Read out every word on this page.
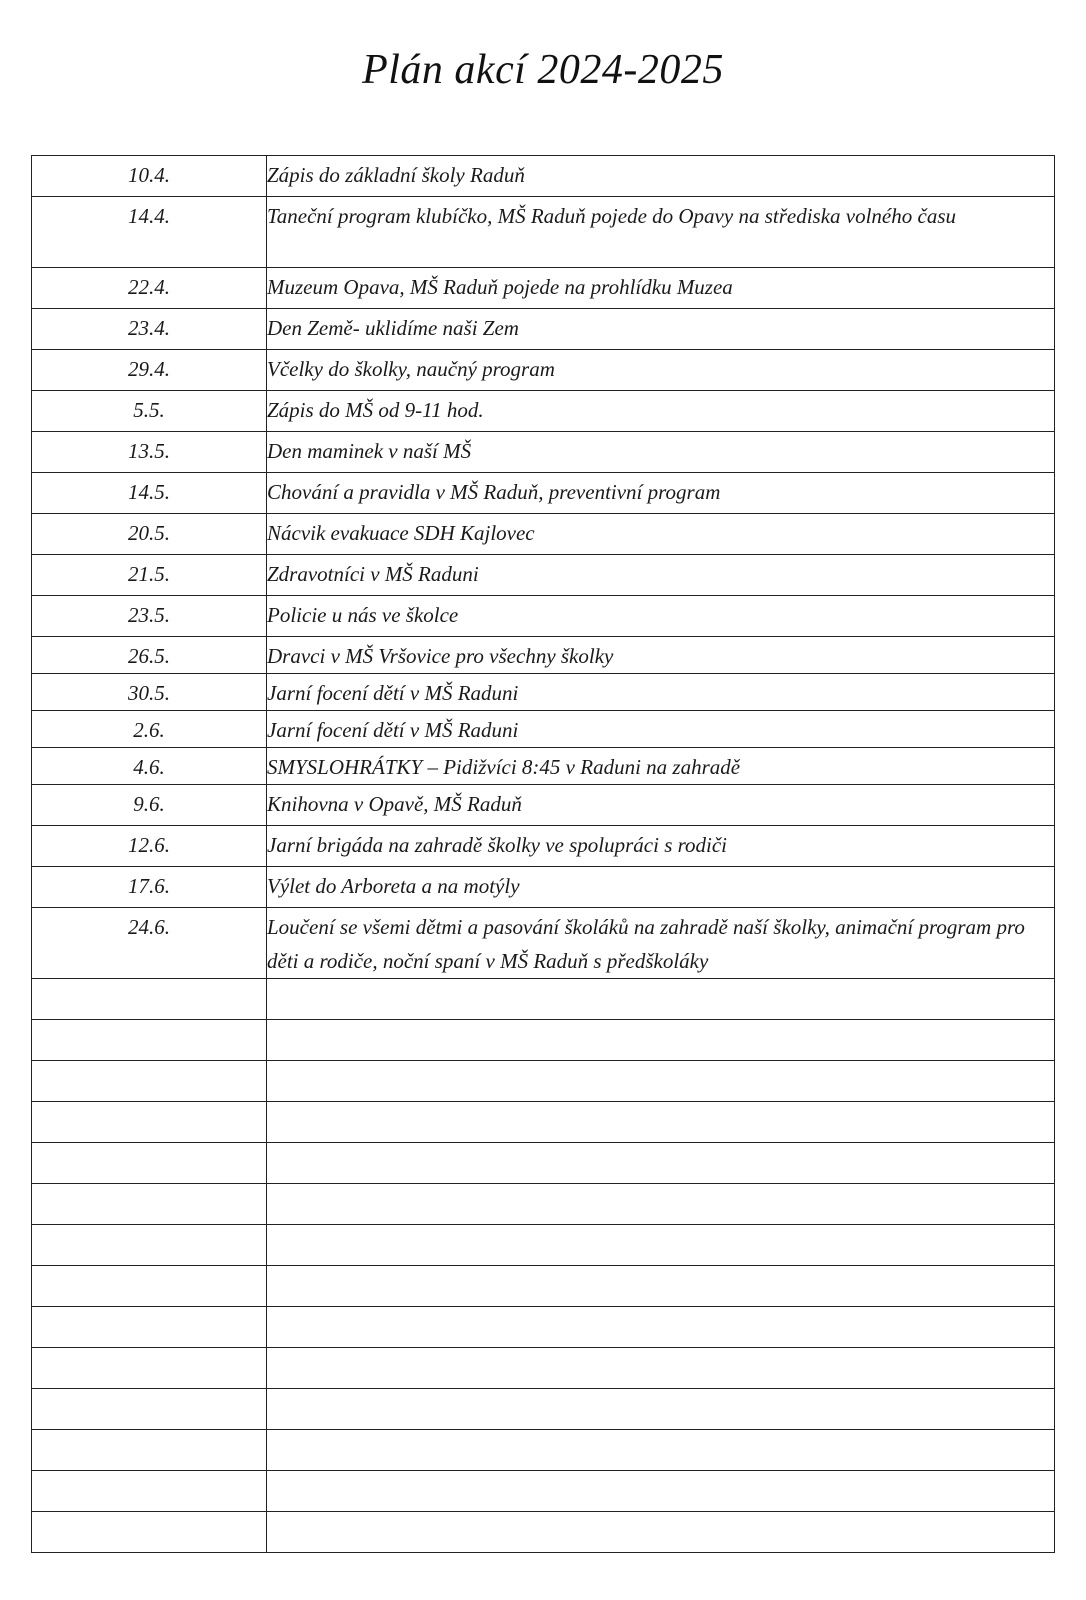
Plán akcí 2024-2025
10.4.	Zápis do základní školy Raduň

14.4.	Taneční program klubíčko, MŠ Raduň pojede do Opavy na střediska volného času

22.4.	Muzeum Opava, MŠ Raduň pojede na prohlídku Muzea

23.4.	Den Země- uklidíme naši Zem

29.4.	Včelky do školky, naučný program

5.5.	Zápis do MŠ od 9-11 hod.

13.5.	Den maminek v naší MŠ

14.5.	Chování a pravidla v MŠ Raduň, preventivní program

20.5.	Nácvik evakuace SDH Kajlovec

21.5.	Zdravotníci v MŠ Raduni

23.5.	Policie u nás ve školce

26.5.	Dravci v MŠ Vršovice pro všechny školky

30.5.	Jarní focení dětí v MŠ Raduni

2.6.	Jarní focení dětí v MŠ Raduni

4.6.	SMYSLOHRÁTKY – Pidižvíci 8:45 v Raduni na zahradě

9.6.	Knihovna v Opavě, MŠ Raduň

12.6.	Jarní brigáda na zahradě školky ve spolupráci s rodiči

17.6.	Výlet do Arboreta a na motýly

24.6.	Loučení se všemi dětmi a pasování školáků na zahradě naší školky, animační program pro děti a rodiče, noční spaní v MŠ Raduň s předškoláky
